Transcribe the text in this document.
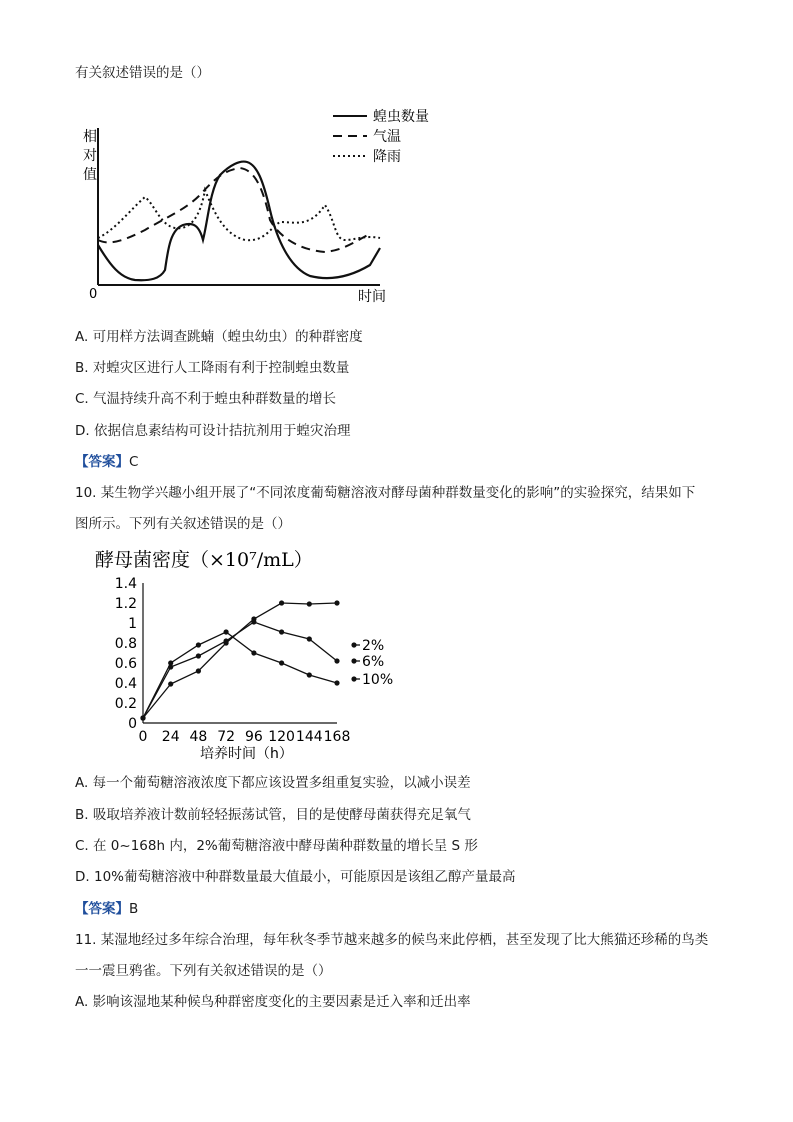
有关叙述错误的是（）
相
对
值
0	时间
蝗虫数量
气温
降雨
A. 可用样方法调查跳蝻（蝗虫幼虫）的种群密度
B. 对蝗灾区进行人工降雨有利于控制蝗虫数量
C. 气温持续升高不利于蝗虫种群数量的增长
D. 依据信息素结构可设计拮抗剂用于蝗灾治理
【答案】C
10. 某生物学兴趣小组开展了“不同浓度葡萄糖溶液对酵母菌种群数量变化的影响”的实验探究，结果如下
图所示。下列有关叙述错误的是（）
酵母菌密度（×10⁷/mL）
0
0.2
0.4
0.6
0.8
1
1.2
1.4
0 24 48 72 96 120 144 168
2%
6%
10%
培养时间（h）
A. 每一个葡萄糖溶液浓度下都应该设置多组重复实验，以减小误差
B. 吸取培养液计数前轻轻振荡试管，目的是使酵母菌获得充足氧气
C. 在 0~168h 内，2%葡萄糖溶液中酵母菌种群数量的增长呈 S 形
D. 10%葡萄糖溶液中种群数量最大值最小，可能原因是该组乙醇产量最高
【答案】B
11. 某湿地经过多年综合治理，每年秋冬季节越来越多的候鸟来此停栖，甚至发现了比大熊猫还珍稀的鸟类
一一震旦鸦雀。下列有关叙述错误的是（）
A. 影响该湿地某种候鸟种群密度变化的主要因素是迁入率和迁出率
